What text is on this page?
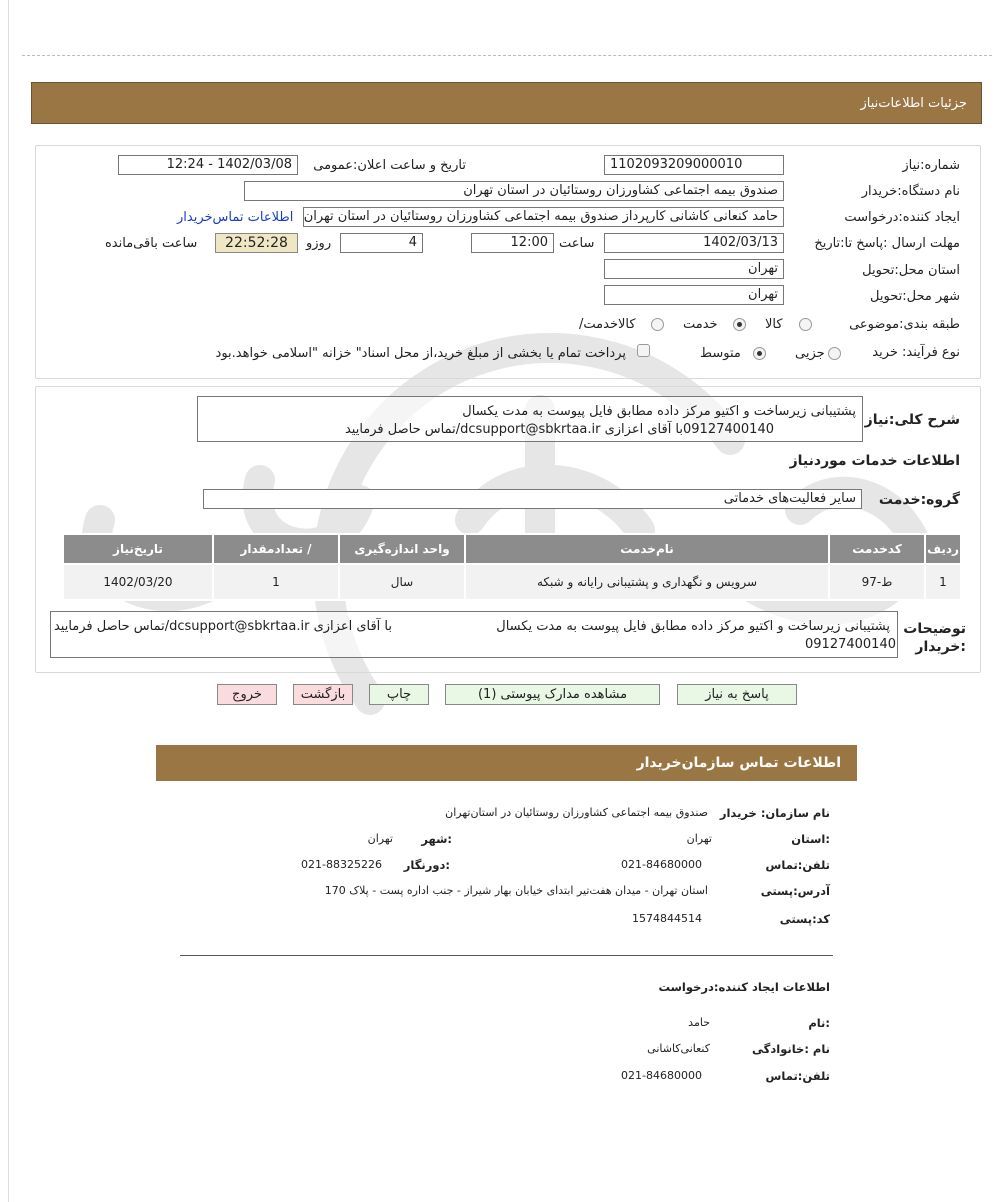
جزئیات اطلاعات‌نیاز
شماره:نیاز
1102093209000010
تاریخ و ساعت اعلان:عمومی
1402/03/08 - 12:24
نام دستگاه:خریدار
صندوق بیمه اجتماعی کشاورزان روستائیان در استان تهران
ایجاد کننده:درخواست
حامد کنعانی کاشانی کارپرداز صندوق بیمه اجتماعی کشاورزان روستائیان در استان تهران
اطلاعات تماس‌خریدار
مهلت ارسال :پاسخ تا:تاریخ
1402/03/13
ساعت
12:00
4
روزو
22:52:28
ساعت باقی‌مانده
استان محل:تحویل
تهران
شهر محل:تحویل
تهران
طبقه بندی:موضوعی
کالا
خدمت
/کالاخدمت
نوع فرآیند: خرید
جزیی
متوسط
پرداخت تمام یا بخشی از مبلغ خرید،از محل اسناد" خزانه "اسلامی خواهد.بود
شرح کلی:نیاز
پشتیبانی زیرساخت و اکتیو مرکز داده مطابق فایل پیوست به مدت یکسال
09127400140با آقای اعزازی dcsupport@sbkrtaa.ir/تماس حاصل فرمایید
اطلاعات خدمات موردنیاز
گروه:خدمت
سایر فعالیت‌های خدماتی
ردیف	کدخدمت	نام‌خدمت	واحد اندازه‌گیری	/ تعدادمقدار	تاریخ‌نیاز
1	ط-97	سرویس و نگهداری و پشتیبانی رایانه و شبکه	سال	1	1402/03/20
توضیحات :خریدار
پشتیبانی زیرساخت و اکتیو مرکز داده مطابق فایل پیوست به مدت یکسال
با آقای اعزازی dcsupport@sbkrtaa.ir/تماس حاصل فرمایید
09127400140
پاسخ به نیاز
مشاهده مدارک پیوستی (1)
چاپ
بازگشت
خروج
اطلاعات تماس سازمان‌خریدار
نام سازمان: خریدار
صندوق بیمه اجتماعی کشاورزان روستائیان در استان‌تهران
استان:
تهران
شهر:
تهران
تلفن:تماس
021-84680000
دورنگار:
021-88325226
آدرس:پستی
استان تهران - میدان هفت‌تیر ابتدای خیابان بهار شیراز - جنب اداره پست - پلاک 170
کد:پستی
1574844514
اطلاعات ایجاد کننده:درخواست
نام:
حامد
نام :خانوادگی
کنعانی‌کاشانی
تلفن:تماس
021-84680000
